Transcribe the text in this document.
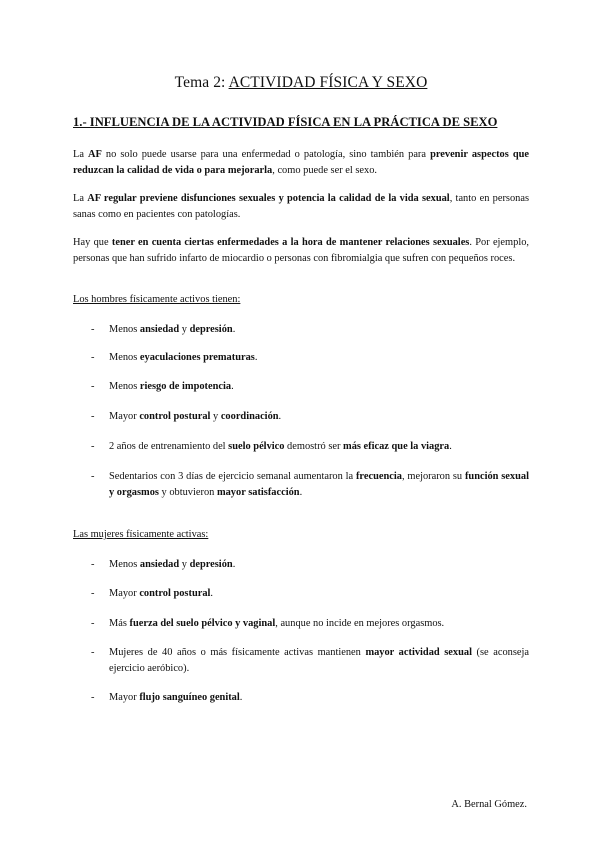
Tema 2: ACTIVIDAD FÍSICA Y SEXO
1.- INFLUENCIA DE LA ACTIVIDAD FÍSICA EN LA PRÁCTICA DE SEXO

La AF no solo puede usarse para una enfermedad o patología, sino también para prevenir aspectos que reduzcan la calidad de vida o para mejorarla, como puede ser el sexo.

La AF regular previene disfunciones sexuales y potencia la calidad de la vida sexual, tanto en personas sanas como en pacientes con patologías.

Hay que tener en cuenta ciertas enfermedades a la hora de mantener relaciones sexuales. Por ejemplo, personas que han sufrido infarto de miocardio o personas con fibromialgia que sufren con pequeños roces.

Los hombres físicamente activos tienen:
- Menos ansiedad y depresión.
- Menos eyaculaciones prematuras.
- Menos riesgo de impotencia.
- Mayor control postural y coordinación.
- 2 años de entrenamiento del suelo pélvico demostró ser más eficaz que la viagra.
- Sedentarios con 3 días de ejercicio semanal aumentaron la frecuencia, mejoraron su función sexual y orgasmos y obtuvieron mayor satisfacción.
Las mujeres físicamente activas:
- Menos ansiedad y depresión.
- Mayor control postural.
- Más fuerza del suelo pélvico y vaginal, aunque no incide en mejores orgasmos.
- Mujeres de 40 años o más físicamente activas mantienen mayor actividad sexual (se aconseja ejercicio aeróbico).
- Mayor flujo sanguíneo genital.
A. Bernal Gómez.
